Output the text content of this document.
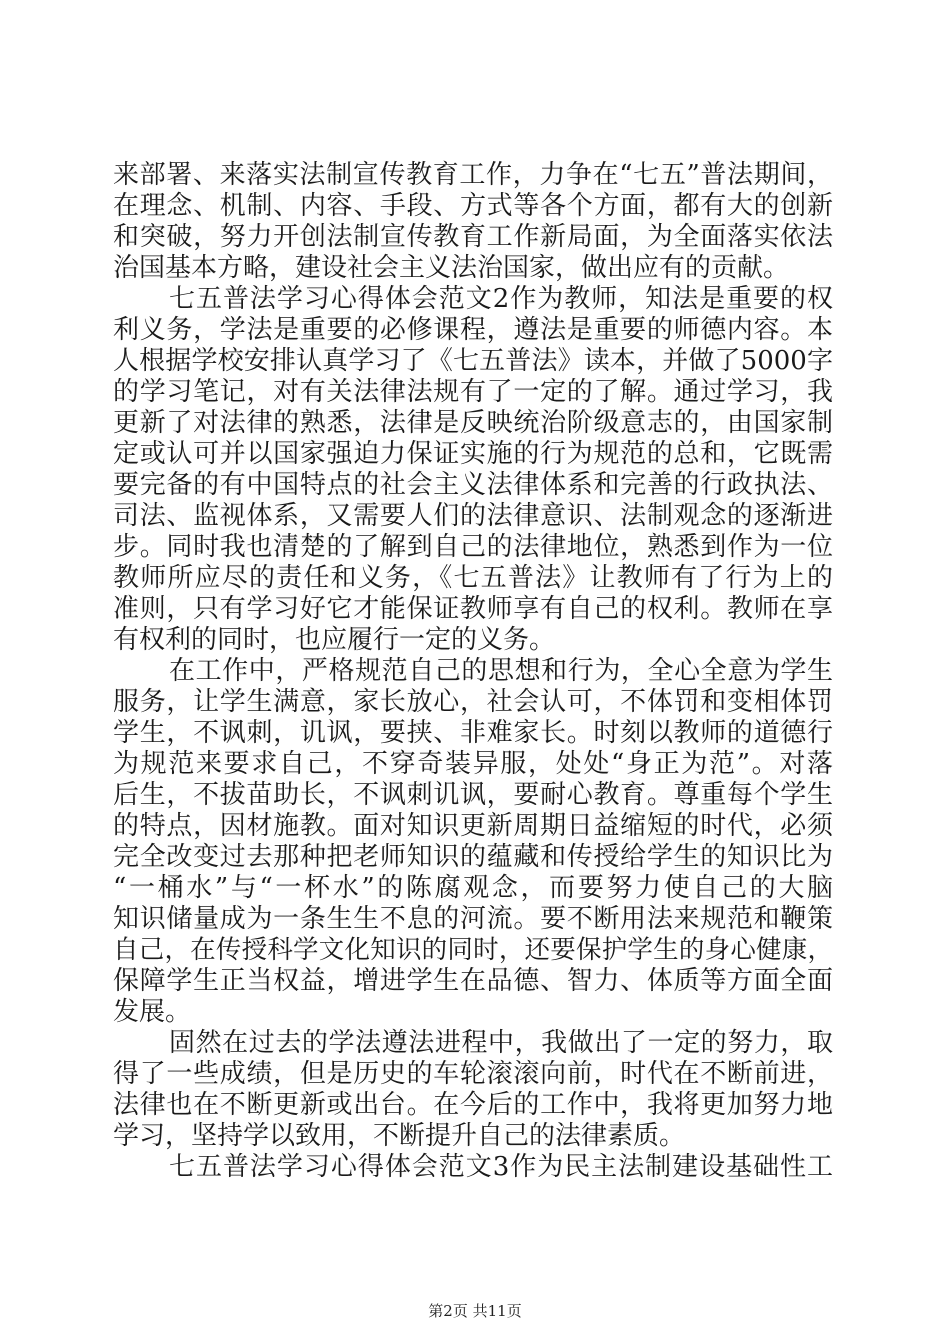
来部署、来落实法制宣传教育工作，力争在“七五”普法期间，

在理念、机制、内容、手段、方式等各个方面，都有大的创新

和突破，努力开创法制宣传教育工作新局面，为全面落实依法

治国基本方略，建设社会主义法治国家，做出应有的贡献。

七五普法学习心得体会范文2作为教师，知法是重要的权

利义务，学法是重要的必修课程，遵法是重要的师德内容。本

人根据学校安排认真学习了《七五普法》读本，并做了5000字

的学习笔记，对有关法律法规有了一定的了解。通过学习，我

更新了对法律的熟悉，法律是反映统治阶级意志的，由国家制

定或认可并以国家强迫力保证实施的行为规范的总和，它既需

要完备的有中国特点的社会主义法律体系和完善的行政执法、

司法、监视体系，又需要人们的法律意识、法制观念的逐渐进

步。同时我也清楚的了解到自己的法律地位，熟悉到作为一位

教师所应尽的责任和义务，《七五普法》让教师有了行为上的

准则，只有学习好它才能保证教师享有自己的权利。教师在享

有权利的同时，也应履行一定的义务。

在工作中，严格规范自己的思想和行为，全心全意为学生

服务，让学生满意，家长放心，社会认可，不体罚和变相体罚

学生，不讽刺，讥讽，要挟、非难家长。时刻以教师的道德行

为规范来要求自己，不穿奇装异服，处处“身正为范”。对落

后生，不拔苗助长，不讽刺讥讽，要耐心教育。尊重每个学生

的特点，因材施教。面对知识更新周期日益缩短的时代，必须

完全改变过去那种把老师知识的蕴藏和传授给学生的知识比为

“一桶水”与“一杯水”的陈腐观念，而要努力使自己的大脑

知识储量成为一条生生不息的河流。要不断用法来规范和鞭策

自己，在传授科学文化知识的同时，还要保护学生的身心健康，

保障学生正当权益，增进学生在品德、智力、体质等方面全面

发展。

固然在过去的学法遵法进程中，我做出了一定的努力，取

得了一些成绩，但是历史的车轮滚滚向前，时代在不断前进，

法律也在不断更新或出台。在今后的工作中，我将更加努力地

学习，坚持学以致用，不断提升自己的法律素质。

七五普法学习心得体会范文3作为民主法制建设基础性工

第2页 共11页
